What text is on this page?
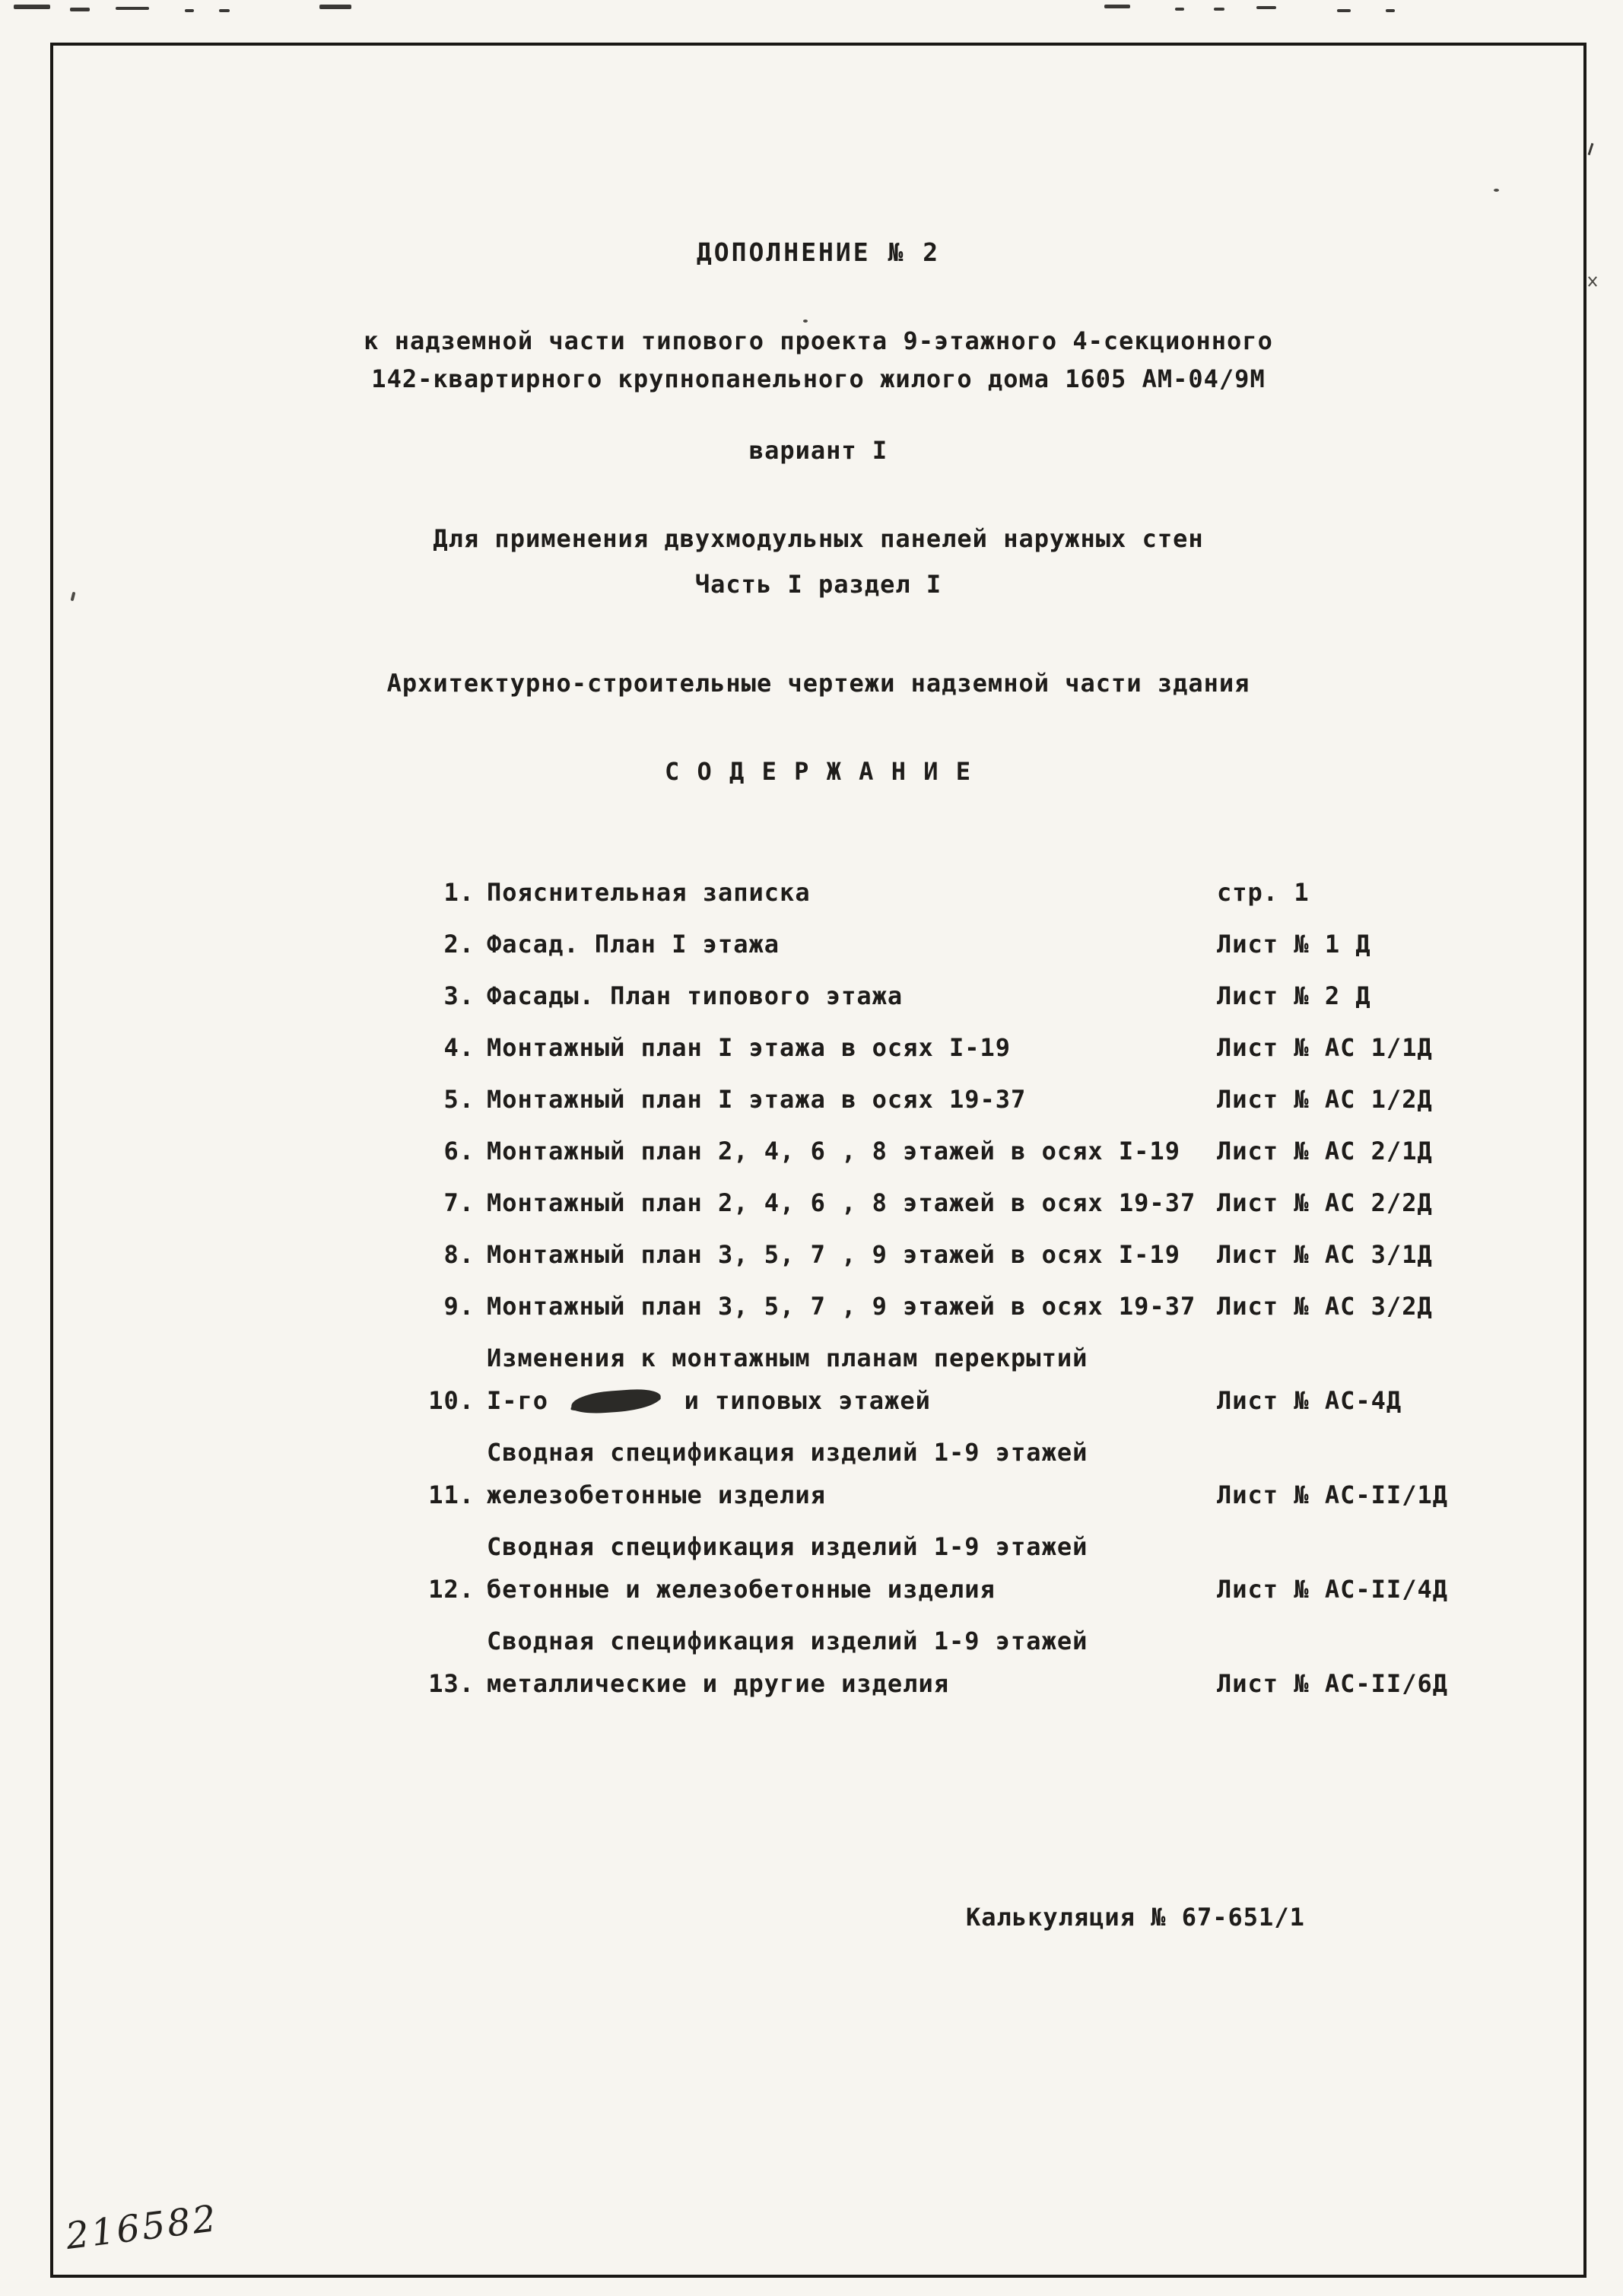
ДОПОЛНЕНИЕ № 2
к надземной части типового проекта 9-этажного 4-секционного
142-квартирного крупнопанельного жилого дома 1605 АМ-04/9М
вариант I
Для применения двухмодульных панелей наружных стен
Часть I раздел I
Архитектурно-строительные чертежи надземной части здания
С О Д Е Р Ж А Н И Е
1. Пояснительная записка	стр. 1
2. Фасад. План I этажа	Лист № 1 Д
3. Фасады. План типового этажа	Лист № 2 Д
4. Монтажный план I этажа в осях I-19	Лист № АС 1/1Д
5. Монтажный план I этажа в осях 19-37	Лист № АС 1/2Д
6. Монтажный план 2, 4, 6 , 8 этажей в осях I-19	Лист № АС 2/1Д
7. Монтажный план 2, 4, 6 , 8 этажей в осях 19-37 Лист № АС 2/2Д
8. Монтажный план 3, 5, 7 , 9 этажей в осях I-19	Лист № АС 3/1Д
9. Монтажный план 3, 5, 7 , 9 этажей в осях 19-37 Лист № АС 3/2Д
10.
Изменения к монтажным планам перекрытий
I-го	и типовых этажей	Лист № АС-4Д
11.
Сводная спецификация изделий 1-9 этажей
железобетонные изделия	Лист № АС-II/1Д
12.
Сводная спецификация изделий 1-9 этажей
бетонные и железобетонные изделия	Лист № АС-II/4Д
13.
Сводная спецификация изделий 1-9 этажей
металлические и другие изделия	Лист № АС-II/6Д
Калькуляция № 67-651/1
216582
